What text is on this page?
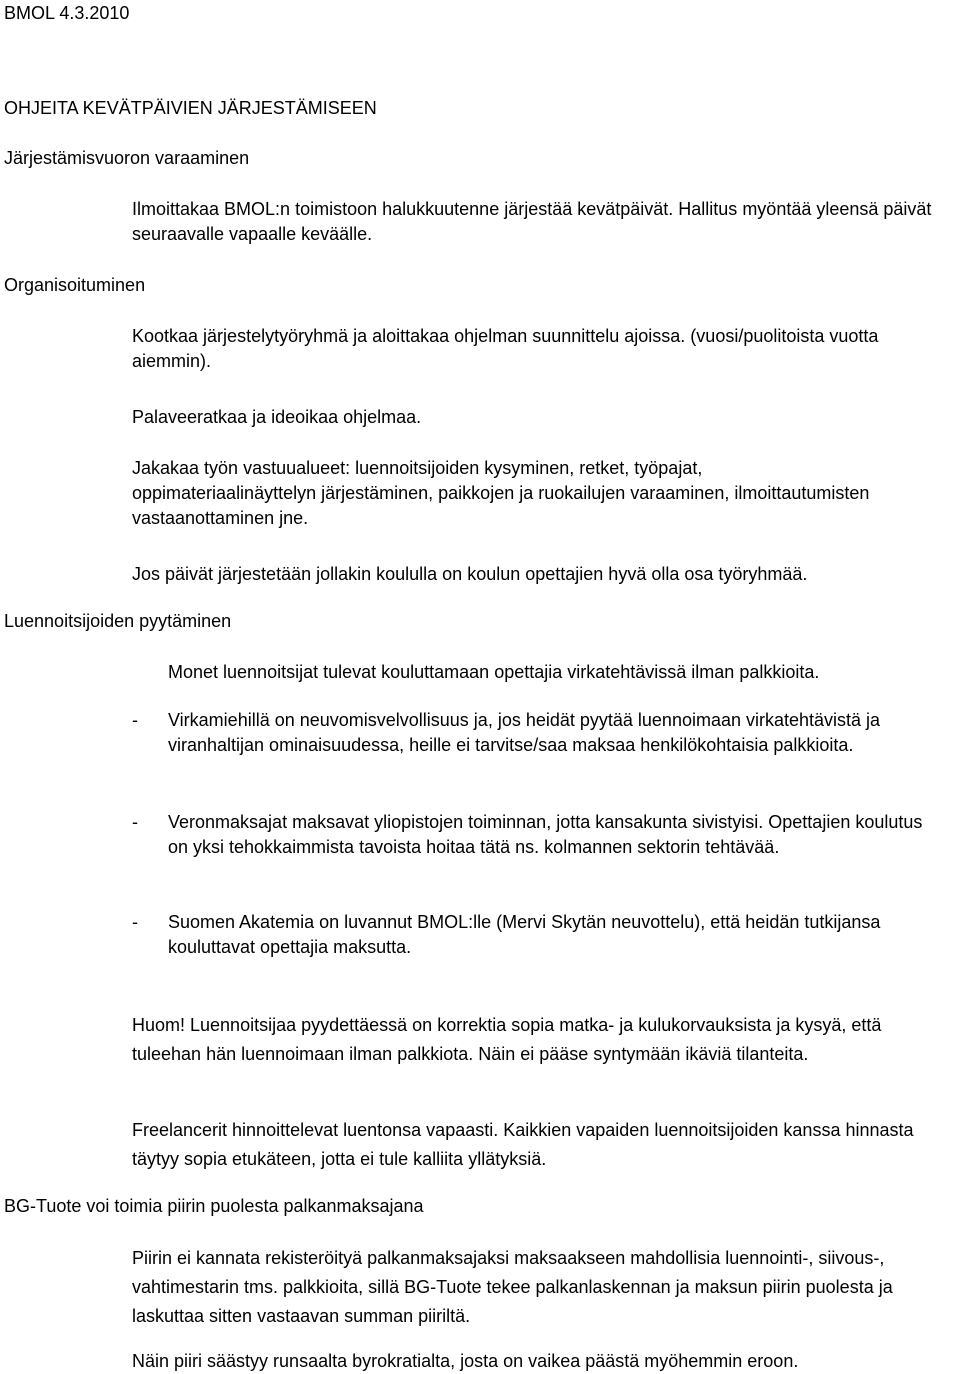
BMOL 4.3.2010

OHJEITA KEVÄTPÄIVIEN JÄRJESTÄMISEEN

Järjestämisvuoron varaaminen

Ilmoittakaa BMOL:n toimistoon halukkuutenne järjestää kevätpäivät. Hallitus myöntää yleensä päivät seuraavalle vapaalle keväälle.

Organisoituminen

Kootkaa järjestelytyöryhmä ja aloittakaa ohjelman suunnittelu ajoissa. (vuosi/puolitoista vuotta aiemmin).

Palaveeratkaa ja ideoikaa ohjelmaa.

Jakakaa työn vastuualueet: luennoitsijoiden kysyminen, retket, työpajat, oppimateriaalinäyttelyn järjestäminen, paikkojen ja ruokailujen varaaminen, ilmoittautumisten vastaanottaminen jne.

Jos päivät järjestetään jollakin koululla on koulun opettajien hyvä olla osa työryhmää.

Luennoitsijoiden pyytäminen

Monet luennoitsijat tulevat kouluttamaan opettajia virkatehtävissä ilman palkkioita.

- Virkamiehillä on neuvomisvelvollisuus ja, jos heidät pyytää luennoimaan virkatehtävistä ja viranhaltijan ominaisuudessa, heille ei tarvitse/saa maksaa henkilökohtaisia palkkioita.

- Veronmaksajat maksavat yliopistojen toiminnan, jotta kansakunta sivistyisi. Opettajien koulutus on yksi tehokkaimmista tavoista hoitaa tätä ns. kolmannen sektorin tehtävää.

- Suomen Akatemia on luvannut BMOL:lle (Mervi Skytän neuvottelu), että heidän tutkijansa kouluttavat opettajia maksutta.

Huom! Luennoitsijaa pyydettäessä on korrektia sopia matka- ja kulukorvauksista ja kysyä, että tuleehan hän luennoimaan ilman palkkiota. Näin ei pääse syntymään ikäviä tilanteita.

Freelancerit hinnoittelevat luentonsa vapaasti. Kaikkien vapaiden luennoitsijoiden kanssa hinnasta täytyy sopia etukäteen, jotta ei tule kalliita yllätyksiä.

BG-Tuote voi toimia piirin puolesta palkanmaksajana

Piirin ei kannata rekisteröityä palkanmaksajaksi maksaakseen mahdollisia luennointi-, siivous-, vahtimestarin tms. palkkioita, sillä BG-Tuote tekee palkanlaskennan ja maksun piirin puolesta ja laskuttaa sitten vastaavan summan piiriltä.

Näin piiri säästyy runsaalta byrokratialta, josta on vaikea päästä myöhemmin eroon.
